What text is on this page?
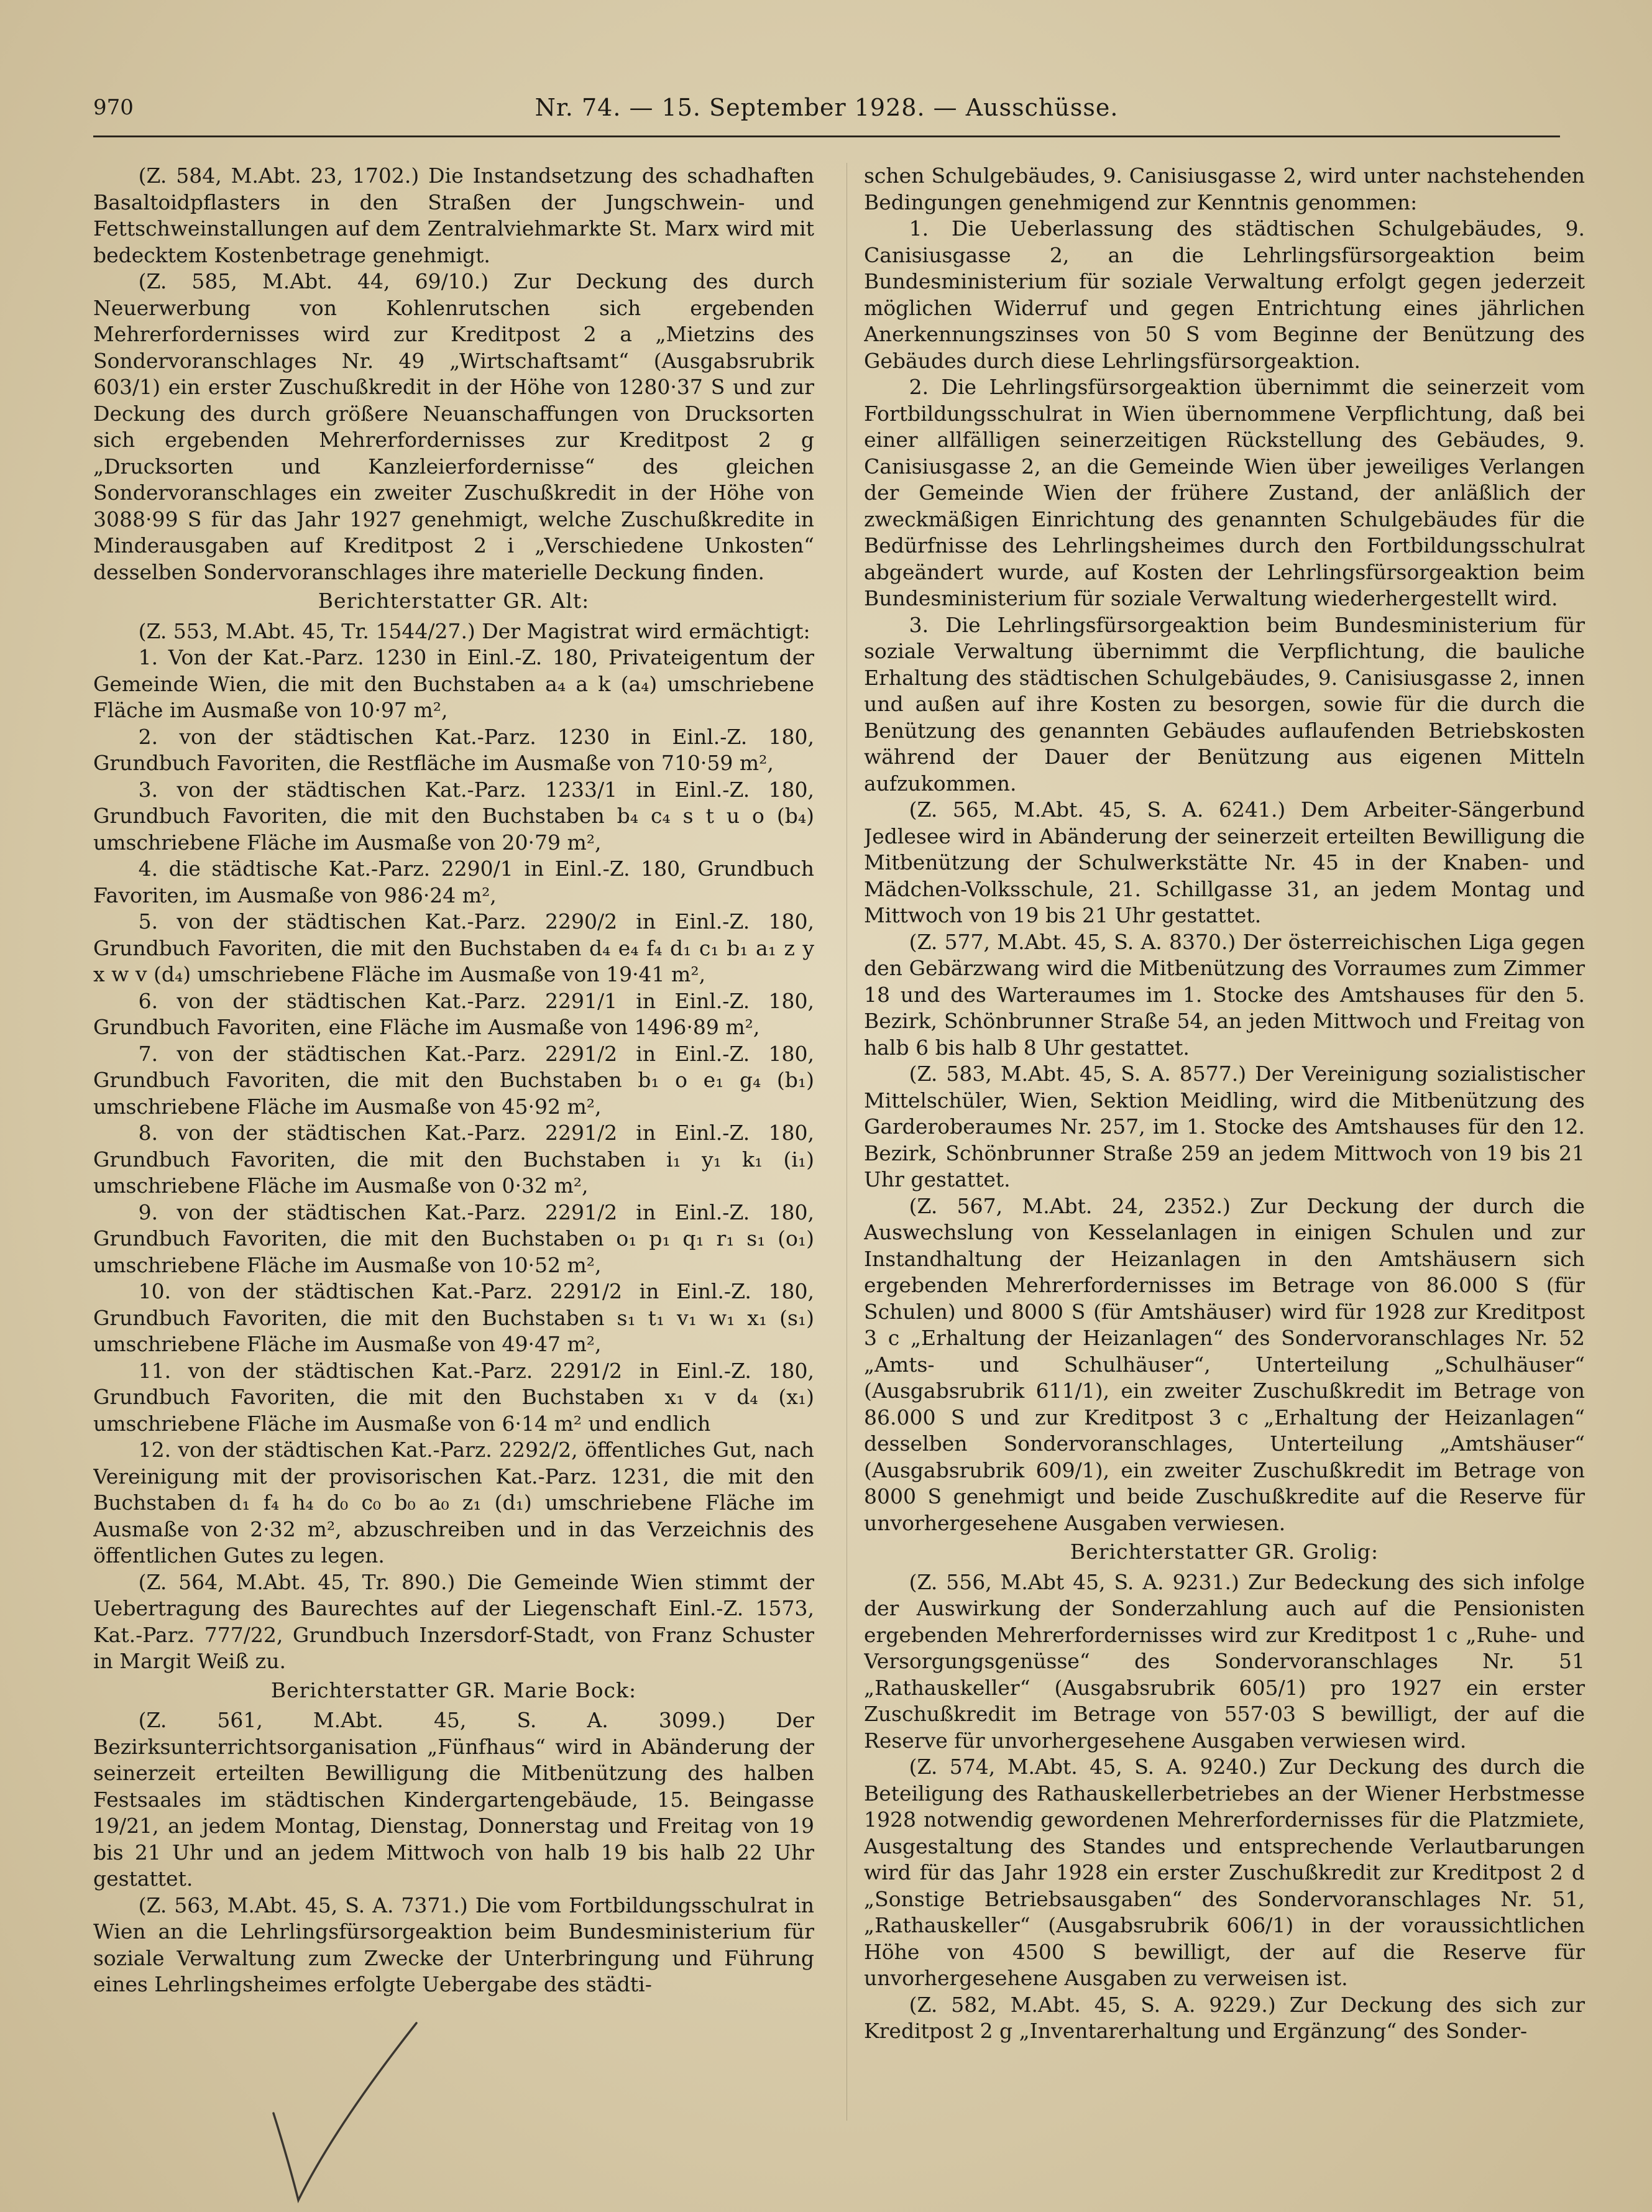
970	Nr. 74. — 15. September 1928. — Ausschüsse.

(Z. 584, M.Abt. 23, 1702.) Die Instandsetzung des schadhaften Basaltoidpflasters in den Straßen der Jungschwein- und Fettschweinstallungen auf dem Zentralviehmarkte St. Marx wird mit bedecktem Kostenbetrage genehmigt.

(Z. 585, M.Abt. 44, 69/10.) Zur Deckung des durch Neuerwerbung von Kohlenrutschen sich ergebenden Mehrerfordernisses wird zur Kreditpost 2 a „Mietzins des Sondervoranschlages Nr. 49 „Wirtschaftsamt“ (Ausgabsrubrik 603/1) ein erster Zuschußkredit in der Höhe von 1280·37 S und zur Deckung des durch größere Neuanschaffungen von Drucksorten sich ergebenden Mehrerfordernisses zur Kreditpost 2 g „Drucksorten und Kanzleierfordernisse“ des gleichen Sondervoranschlages ein zweiter Zuschußkredit in der Höhe von 3088·99 S für das Jahr 1927 genehmigt, welche Zuschußkredite in Minderausgaben auf Kreditpost 2 i „Verschiedene Unkosten“ desselben Sondervoranschlages ihre materielle Deckung finden.

Berichterstatter GR. Alt:

(Z. 553, M.Abt. 45, Tr. 1544/27.) Der Magistrat wird ermächtigt:

1. Von der Kat.-Parz. 1230 in Einl.-Z. 180, Privateigentum der Gemeinde Wien, die mit den Buchstaben a₄ a k (a₄) umschriebene Fläche im Ausmaße von 10·97 m²,

2. von der städtischen Kat.-Parz. 1230 in Einl.-Z. 180, Grundbuch Favoriten, die Restfläche im Ausmaße von 710·59 m²,

3. von der städtischen Kat.-Parz. 1233/1 in Einl.-Z. 180, Grundbuch Favoriten, die mit den Buchstaben b₄ c₄ s t u o (b₄) umschriebene Fläche im Ausmaße von 20·79 m²,

4. die städtische Kat.-Parz. 2290/1 in Einl.-Z. 180, Grundbuch Favoriten, im Ausmaße von 986·24 m²,

5. von der städtischen Kat.-Parz. 2290/2 in Einl.-Z. 180, Grundbuch Favoriten, die mit den Buchstaben d₄ e₄ f₄ d₁ c₁ b₁ a₁ z y x w v (d₄) umschriebene Fläche im Ausmaße von 19·41 m²,

6. von der städtischen Kat.-Parz. 2291/1 in Einl.-Z. 180, Grundbuch Favoriten, eine Fläche im Ausmaße von 1496·89 m²,

7. von der städtischen Kat.-Parz. 2291/2 in Einl.-Z. 180, Grundbuch Favoriten, die mit den Buchstaben b₁ o e₁ g₄ (b₁) umschriebene Fläche im Ausmaße von 45·92 m²,

8. von der städtischen Kat.-Parz. 2291/2 in Einl.-Z. 180, Grundbuch Favoriten, die mit den Buchstaben i₁ y₁ k₁ (i₁) umschriebene Fläche im Ausmaße von 0·32 m²,

9. von der städtischen Kat.-Parz. 2291/2 in Einl.-Z. 180, Grundbuch Favoriten, die mit den Buchstaben o₁ p₁ q₁ r₁ s₁ (o₁) umschriebene Fläche im Ausmaße von 10·52 m²,

10. von der städtischen Kat.-Parz. 2291/2 in Einl.-Z. 180, Grundbuch Favoriten, die mit den Buchstaben s₁ t₁ v₁ w₁ x₁ (s₁) umschriebene Fläche im Ausmaße von 49·47 m²,

11. von der städtischen Kat.-Parz. 2291/2 in Einl.-Z. 180, Grundbuch Favoriten, die mit den Buchstaben x₁ v d₄ (x₁) umschriebene Fläche im Ausmaße von 6·14 m² und endlich

12. von der städtischen Kat.-Parz. 2292/2, öffentliches Gut, nach Vereinigung mit der provisorischen Kat.-Parz. 1231, die mit den Buchstaben d₁ f₄ h₄ d₀ c₀ b₀ a₀ z₁ (d₁) umschriebene Fläche im Ausmaße von 2·32 m², abzuschreiben und in das Verzeichnis des öffentlichen Gutes zu legen.

(Z. 564, M.Abt. 45, Tr. 890.) Die Gemeinde Wien stimmt der Uebertragung des Baurechtes auf der Liegenschaft Einl.-Z. 1573, Kat.-Parz. 777/22, Grundbuch Inzersdorf-Stadt, von Franz Schuster in Margit Weiß zu.

Berichterstatter GR. Marie Bock:

(Z. 561, M.Abt. 45, S. A. 3099.) Der Bezirksunterrichtsorganisation „Fünfhaus“ wird in Abänderung der seinerzeit erteilten Bewilligung die Mitbenützung des halben Festsaales im städtischen Kindergartengebäude, 15. Beingasse 19/21, an jedem Montag, Dienstag, Donnerstag und Freitag von 19 bis 21 Uhr und an jedem Mittwoch von halb 19 bis halb 22 Uhr gestattet.

(Z. 563, M.Abt. 45, S. A. 7371.) Die vom Fortbildungsschulrat in Wien an die Lehrlingsfürsorgeaktion beim Bundesministerium für soziale Verwaltung zum Zwecke der Unterbringung und Führung eines Lehrlingsheimes erfolgte Uebergabe des städti-

schen Schulgebäudes, 9. Canisiusgasse 2, wird unter nachstehenden Bedingungen genehmigend zur Kenntnis genommen:

1. Die Ueberlassung des städtischen Schulgebäudes, 9. Canisiusgasse 2, an die Lehrlingsfürsorgeaktion beim Bundesministerium für soziale Verwaltung erfolgt gegen jederzeit möglichen Widerruf und gegen Entrichtung eines jährlichen Anerkennungszinses von 50 S vom Beginne der Benützung des Gebäudes durch diese Lehrlingsfürsorgeaktion.

2. Die Lehrlingsfürsorgeaktion übernimmt die seinerzeit vom Fortbildungsschulrat in Wien übernommene Verpflichtung, daß bei einer allfälligen seinerzeitigen Rückstellung des Gebäudes, 9. Canisiusgasse 2, an die Gemeinde Wien über jeweiliges Verlangen der Gemeinde Wien der frühere Zustand, der anläßlich der zweckmäßigen Einrichtung des genannten Schulgebäudes für die Bedürfnisse des Lehrlingsheimes durch den Fortbildungsschulrat abgeändert wurde, auf Kosten der Lehrlingsfürsorgeaktion beim Bundesministerium für soziale Verwaltung wiederhergestellt wird.

3. Die Lehrlingsfürsorgeaktion beim Bundesministerium für soziale Verwaltung übernimmt die Verpflichtung, die bauliche Erhaltung des städtischen Schulgebäudes, 9. Canisiusgasse 2, innen und außen auf ihre Kosten zu besorgen, sowie für die durch die Benützung des genannten Gebäudes auflaufenden Betriebskosten während der Dauer der Benützung aus eigenen Mitteln aufzukommen.

(Z. 565, M.Abt. 45, S. A. 6241.) Dem Arbeiter-Sängerbund Jedlesee wird in Abänderung der seinerzeit erteilten Bewilligung die Mitbenützung der Schulwerkstätte Nr. 45 in der Knaben- und Mädchen-Volksschule, 21. Schillgasse 31, an jedem Montag und Mittwoch von 19 bis 21 Uhr gestattet.

(Z. 577, M.Abt. 45, S. A. 8370.) Der österreichischen Liga gegen den Gebärzwang wird die Mitbenützung des Vorraumes zum Zimmer 18 und des Warteraumes im 1. Stocke des Amtshauses für den 5. Bezirk, Schönbrunner Straße 54, an jeden Mittwoch und Freitag von halb 6 bis halb 8 Uhr gestattet.

(Z. 583, M.Abt. 45, S. A. 8577.) Der Vereinigung sozialistischer Mittelschüler, Wien, Sektion Meidling, wird die Mitbenützung des Garderoberaumes Nr. 257, im 1. Stocke des Amtshauses für den 12. Bezirk, Schönbrunner Straße 259 an jedem Mittwoch von 19 bis 21 Uhr gestattet.

(Z. 567, M.Abt. 24, 2352.) Zur Deckung der durch die Auswechslung von Kesselanlagen in einigen Schulen und zur Instandhaltung der Heizanlagen in den Amtshäusern sich ergebenden Mehrerfordernisses im Betrage von 86.000 S (für Schulen) und 8000 S (für Amtshäuser) wird für 1928 zur Kreditpost 3 c „Erhaltung der Heizanlagen“ des Sondervoranschlages Nr. 52 „Amts- und Schulhäuser“, Unterteilung „Schulhäuser“ (Ausgabsrubrik 611/1), ein zweiter Zuschußkredit im Betrage von 86.000 S und zur Kreditpost 3 c „Erhaltung der Heizanlagen“ desselben Sondervoranschlages, Unterteilung „Amtshäuser“ (Ausgabsrubrik 609/1), ein zweiter Zuschußkredit im Betrage von 8000 S genehmigt und beide Zuschußkredite auf die Reserve für unvorhergesehene Ausgaben verwiesen.

Berichterstatter GR. Grolig:

(Z. 556, M.Abt 45, S. A. 9231.) Zur Bedeckung des sich infolge der Auswirkung der Sonderzahlung auch auf die Pensionisten ergebenden Mehrerfordernisses wird zur Kreditpost 1 c „Ruhe- und Versorgungsgenüsse“ des Sondervoranschlages Nr. 51 „Rathauskeller“ (Ausgabsrubrik 605/1) pro 1927 ein erster Zuschußkredit im Betrage von 557·03 S bewilligt, der auf die Reserve für unvorhergesehene Ausgaben verwiesen wird.

(Z. 574, M.Abt. 45, S. A. 9240.) Zur Deckung des durch die Beteiligung des Rathauskellerbetriebes an der Wiener Herbstmesse 1928 notwendig gewordenen Mehrerfordernisses für die Platzmiete, Ausgestaltung des Standes und entsprechende Verlautbarungen wird für das Jahr 1928 ein erster Zuschußkredit zur Kreditpost 2 d „Sonstige Betriebsausgaben“ des Sondervoranschlages Nr. 51, „Rathauskeller“ (Ausgabsrubrik 606/1) in der voraussichtlichen Höhe von 4500 S bewilligt, der auf die Reserve für unvorhergesehene Ausgaben zu verweisen ist.

(Z. 582, M.Abt. 45, S. A. 9229.) Zur Deckung des sich zur Kreditpost 2 g „Inventarerhaltung und Ergänzung“ des Sonder-
